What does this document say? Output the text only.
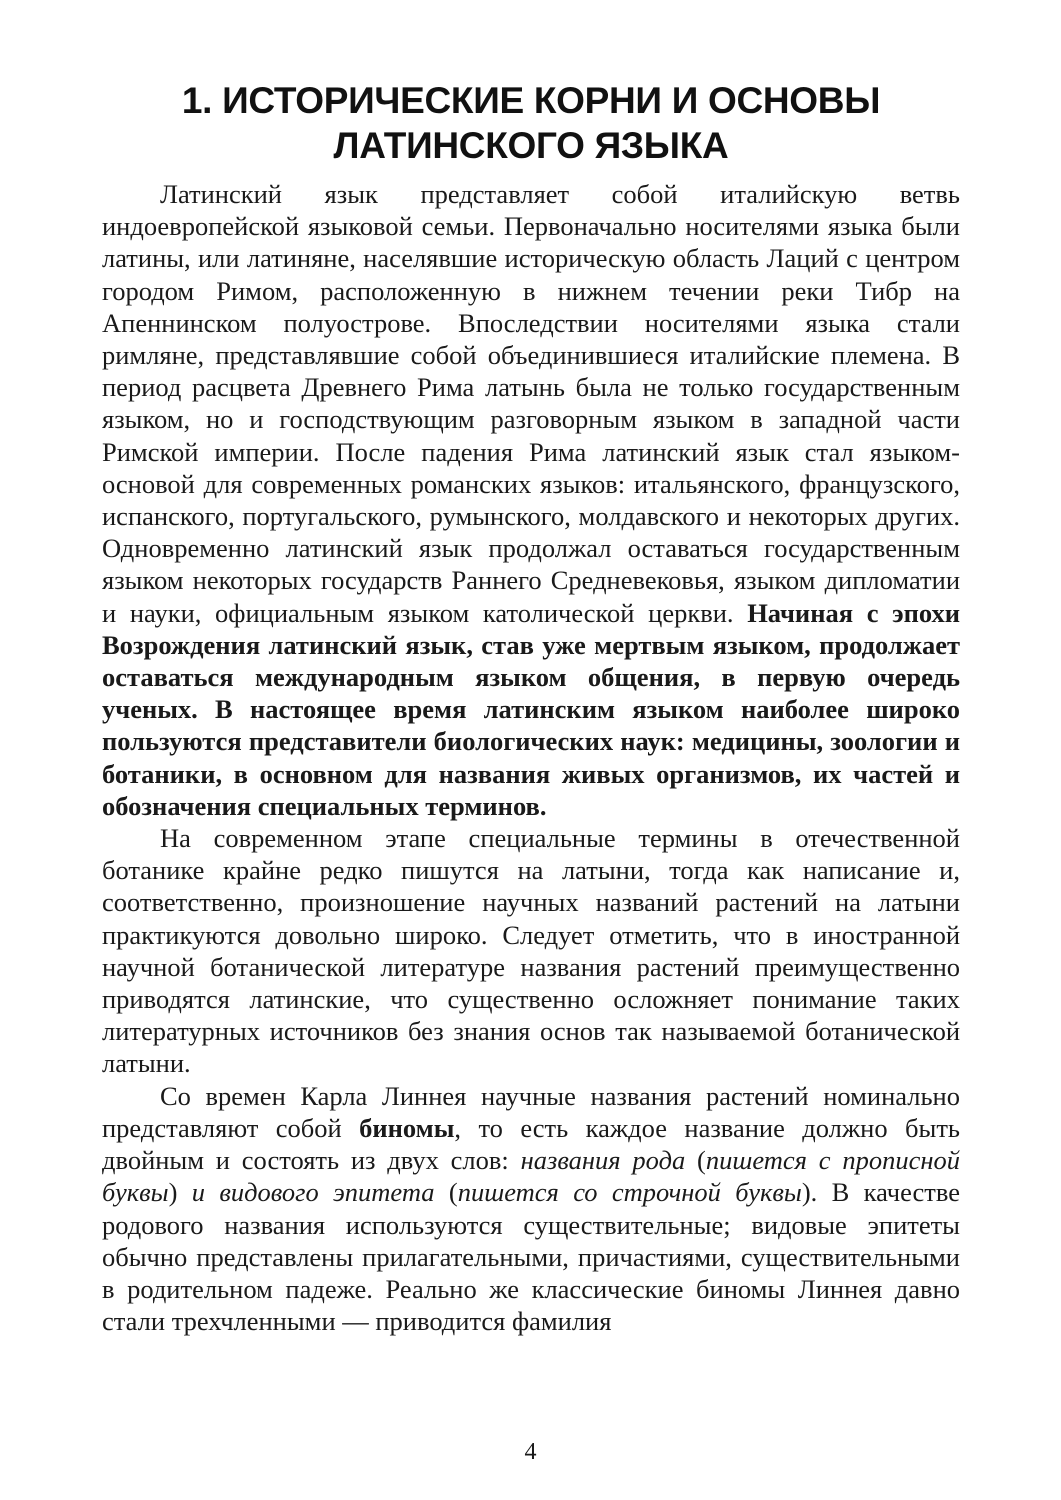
1. ИСТОРИЧЕСКИЕ КОРНИ И ОСНОВЫ
ЛАТИНСКОГО ЯЗЫКА

Латинский язык представляет собой италийскую ветвь индоевропейской языковой семьи. Первоначально носителями языка были латины, или латиняне, населявшие историческую область Лаций с центром городом Римом, расположенную в нижнем течении реки Тибр на Апеннинском полуострове. Впоследствии носителями языка стали римляне, представлявшие собой объединившиеся италийские племена. В период расцвета Древнего Рима латынь была не только государственным языком, но и господствующим разговорным языком в западной части Римской империи. После падения Рима латинский язык стал языком-основой для современных романских языков: итальянского, французского, испанского, португальского, румынского, молдавского и некоторых других. Одновременно латинский язык продолжал оставаться государственным языком некоторых государств Раннего Средневековья, языком дипломатии и науки, официальным языком католической церкви. Начиная с эпохи Возрождения латинский язык, став уже мертвым языком, продолжает оставаться международным языком общения, в первую очередь ученых. В настоящее время латинским языком наиболее широко пользуются представители биологических наук: медицины, зоологии и ботаники, в основном для названия живых организмов, их частей и обозначения специальных терминов.

На современном этапе специальные термины в отечественной ботанике крайне редко пишутся на латыни, тогда как написание и, соответственно, произношение научных названий растений на латыни практикуются довольно широко. Следует отметить, что в иностранной научной ботанической литературе названия растений преимущественно приводятся латинские, что существенно осложняет понимание таких литературных источников без знания основ так называемой ботанической латыни.

Со времен Карла Линнея научные названия растений номинально представляют собой биномы, то есть каждое название должно быть двойным и состоять из двух слов: названия рода (пишется с прописной буквы) и видового эпитета (пишется со строчной буквы). В качестве родового названия используются существительные; видовые эпитеты обычно представлены прилагательными, причастиями, существительными в родительном падеже. Реально же классические биномы Линнея давно стали трехчленными — приводится фамилия

4
